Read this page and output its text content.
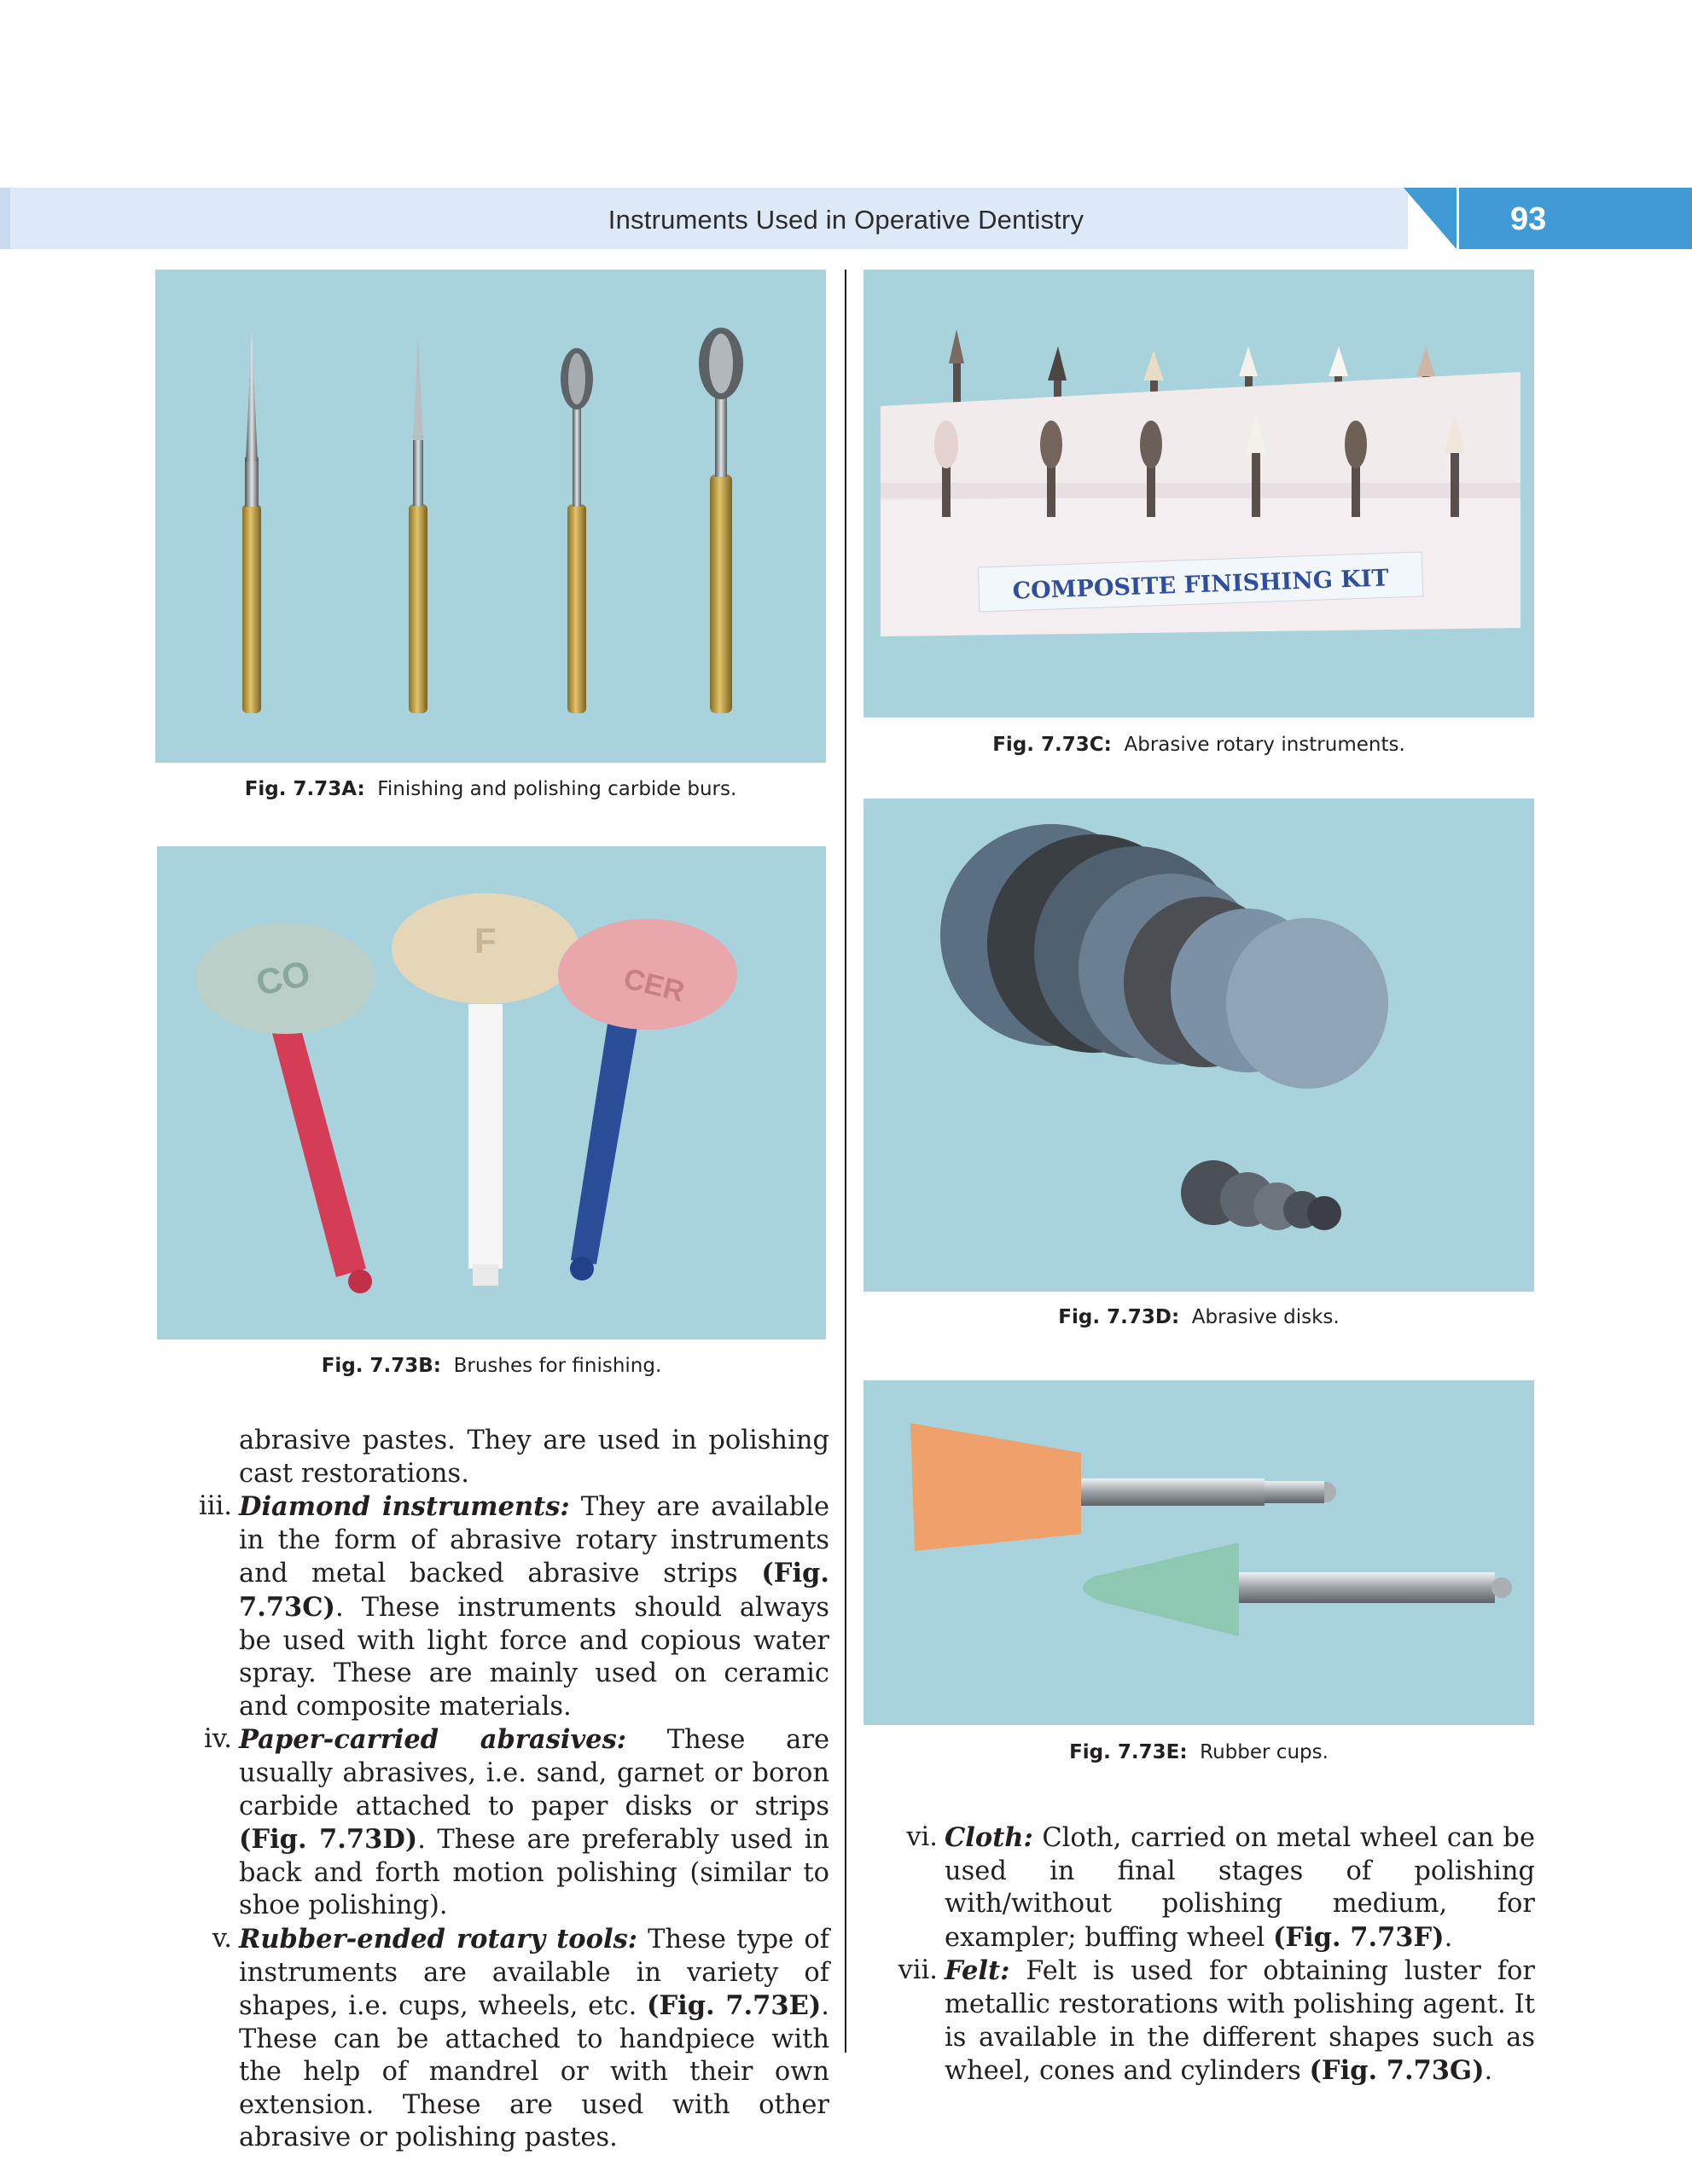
Instruments Used in Operative Dentistry	93
Fig. 7.73A: Finishing and polishing carbide burs.
COMPOSITE FINISHING KIT
Fig. 7.73C: Abrasive rotary instruments.
CO
F
CER
Fig. 7.73B: Brushes for finishing.
Fig. 7.73D: Abrasive disks.
Fig. 7.73E: Rubber cups.

abrasive pastes. They are used in polishing cast restorations.

iii. Diamond instruments: They are available in the form of abrasive rotary instruments and metal backed abrasive strips (Fig. 7.73C). These instruments should always be used with light force and copious water spray. These are mainly used on ceramic and composite materials.

iv. Paper-carried abrasives: These are usually abrasives, i.e. sand, garnet or boron carbide attached to paper disks or strips (Fig. 7.73D). These are preferably used in back and forth motion polishing (similar to shoe polishing).

v. Rubber-ended rotary tools: These type of instruments are available in variety of shapes, i.e. cups, wheels, etc. (Fig. 7.73E). These can be attached to handpiece with the help of mandrel or with their own extension. These are used with other abrasive or polishing pastes.

vi. Cloth: Cloth, carried on metal wheel can be used in final stages of polishing with/without polishing medium, for exampler; buffing wheel (Fig. 7.73F).

vii. Felt: Felt is used for obtaining luster for metallic restorations with polishing agent. It is available in the different shapes such as wheel, cones and cylinders (Fig. 7.73G).
